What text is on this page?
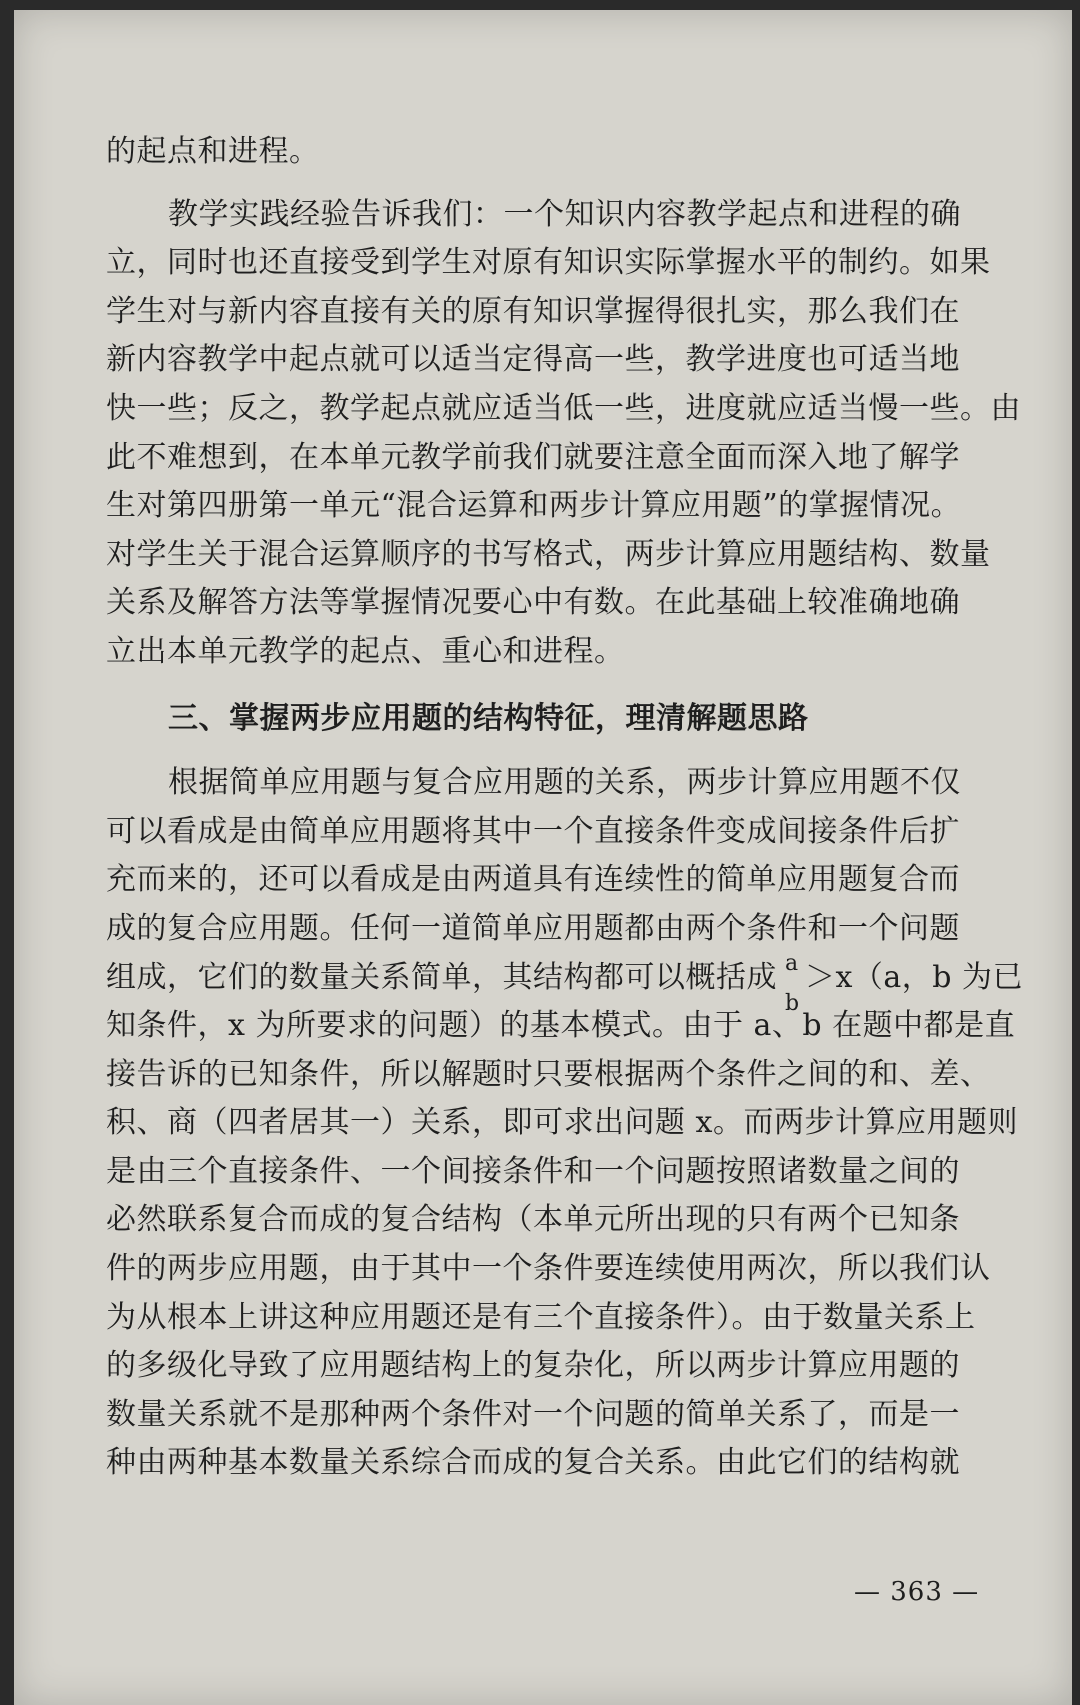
的起点和进程。
教学实践经验告诉我们：一个知识内容教学起点和进程的确
立，同时也还直接受到学生对原有知识实际掌握水平的制约。如果
学生对与新内容直接有关的原有知识掌握得很扎实，那么我们在
新内容教学中起点就可以适当定得高一些，教学进度也可适当地
快一些；反之，教学起点就应适当低一些，进度就应适当慢一些。由
此不难想到，在本单元教学前我们就要注意全面而深入地了解学
生对第四册第一单元“混合运算和两步计算应用题”的掌握情况。
对学生关于混合运算顺序的书写格式，两步计算应用题结构、数量
关系及解答方法等掌握情况要心中有数。在此基础上较准确地确
立出本单元教学的起点、重心和进程。
三、掌握两步应用题的结构特征，理清解题思路
根据简单应用题与复合应用题的关系，两步计算应用题不仅
可以看成是由简单应用题将其中一个直接条件变成间接条件后扩
充而来的，还可以看成是由两道具有连续性的简单应用题复合而
成的复合应用题。任何一道简单应用题都由两个条件和一个问题
组成，它们的数量关系简单，其结构都可以概括成 a
b
＞x（a，b 为已
知条件，x 为所要求的问题）的基本模式。由于 a、b 在题中都是直
接告诉的已知条件，所以解题时只要根据两个条件之间的和、差、
积、商（四者居其一）关系，即可求出问题 x。而两步计算应用题则
是由三个直接条件、一个间接条件和一个问题按照诸数量之间的
必然联系复合而成的复合结构（本单元所出现的只有两个已知条
件的两步应用题，由于其中一个条件要连续使用两次，所以我们认
为从根本上讲这种应用题还是有三个直接条件）。由于数量关系上
的多级化导致了应用题结构上的复杂化，所以两步计算应用题的
数量关系就不是那种两个条件对一个问题的简单关系了，而是一
种由两种基本数量关系综合而成的复合关系。由此它们的结构就
— 363 —
